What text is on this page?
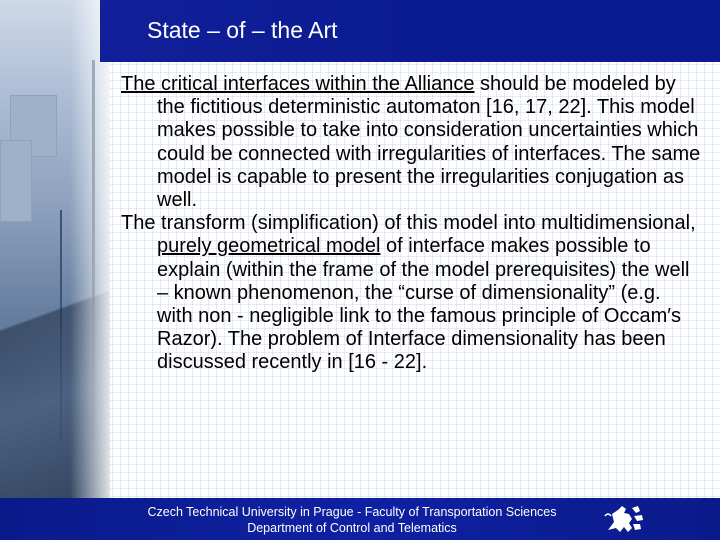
State – of – the Art

The critical interfaces within the Alliance should be modeled by the fictitious deterministic automaton [16, 17, 22]. This model makes possible to take into consideration uncertainties which could be connected with irregularities of interfaces. The same model is capable to present the irregularities conjugation as well.

The transform (simplification) of this model into multidimensional, purely geometrical model of interface makes possible to explain (within the frame of the model prerequisites) the well – known phenomenon, the “curse of dimensionality” (e.g. with non - negligible link to the famous principle of Occam′s Razor). The problem of Interface dimensionality has been discussed recently in [16 - 22].

Czech Technical University in Prague - Faculty of Transportation Sciences
Department of Control and Telematics
